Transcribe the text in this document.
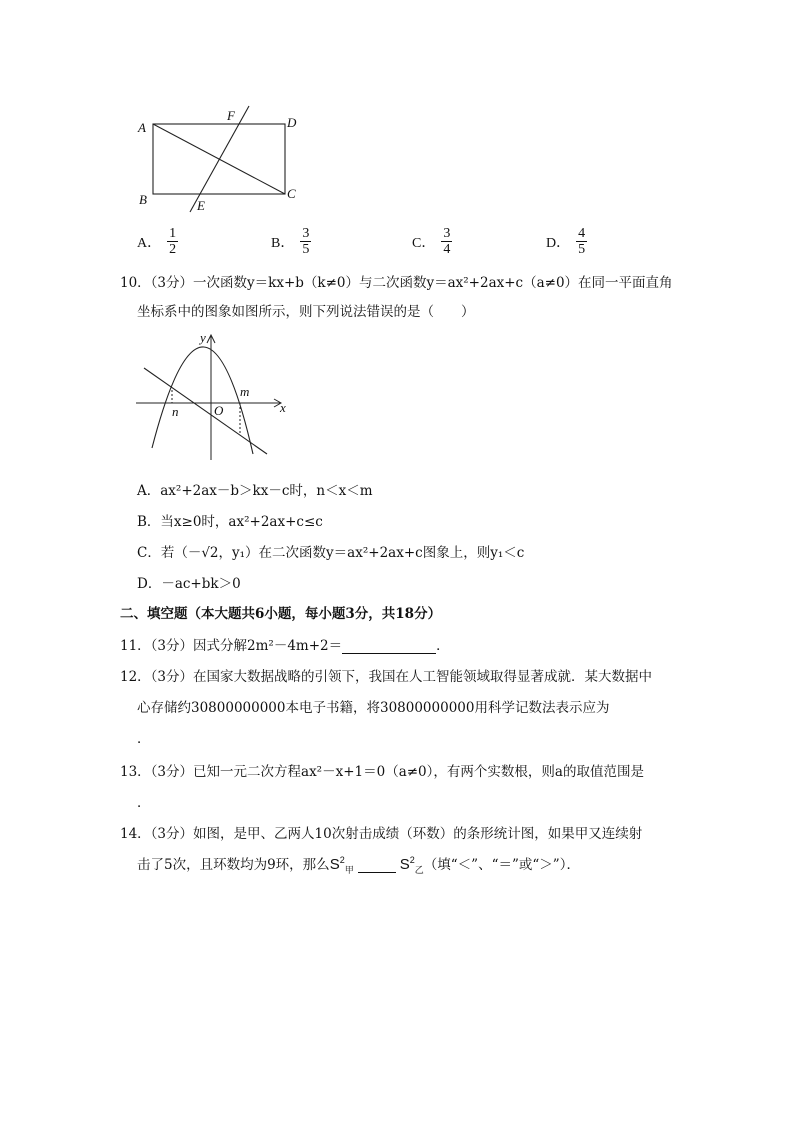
A
F	D
B	E
C
A． $\frac{1}{2}$	B． $\frac{3}{5}$	C． $\frac{3}{4}$	D． $\frac{4}{5}$
10．（3分）一次函数y＝kx+b（k≠0）与二次函数y＝ax²+2ax+c（a≠0）在同一平面直角
坐标系中的图象如图所示，则下列说法错误的是（　　）
y
x
O
n
m
A．ax²+2ax－b＞kx－c时，n＜x＜m
B．当x≥0时，ax²+2ax+c≤c
C．若（－√2，y₁）在二次函数y＝ax²+2ax+c图象上，则y₁＜c
D．－ac+bk＞0
二、填空题（本大题共6小题，每小题3分，共18分）
11．（3分）因式分解2m²－4m+2＝	．
12．（3分）在国家大数据战略的引领下，我国在人工智能领域取得显著成就．某大数据中
心存储约30800000000本电子书籍，将30800000000用科学记数法表示应为
．
13．（3分）已知一元二次方程ax²－x+1＝0（a≠0），有两个实数根，则a的取值范围是
．
14．（3分）如图，是甲、乙两人10次射击成绩（环数）的条形统计图，如果甲又连续射
击了5次，且环数均为9环，那么$S^2_甲$	$S^2_乙$（填“＜”、“＝”或“＞”）．
